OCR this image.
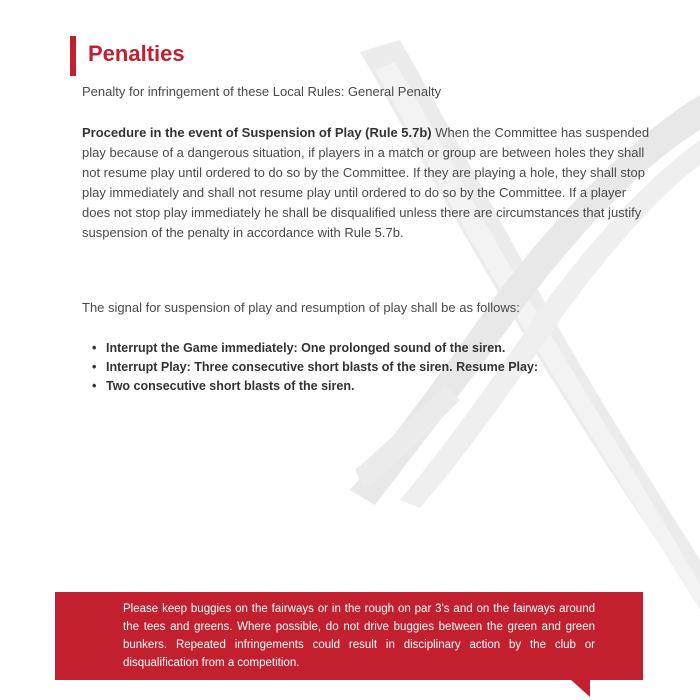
Penalties

Penalty for infringement of these Local Rules: General Penalty

Procedure in the event of Suspension of Play (Rule 5.7b) When the Committee has suspended play because of a dangerous situation, if players in a match or group are between holes they shall not resume play until ordered to do so by the Committee. If they are playing a hole, they shall stop play immediately and shall not resume play until ordered to do so by the Committee. If a player does not stop play immediately he shall be disqualified unless there are circumstances that justify suspension of the penalty in accordance with Rule 5.7b.

The signal for suspension of play and resumption of play shall be as follows:

• Interrupt the Game immediately: One prolonged sound of the siren.
• Interrupt Play: Three consecutive short blasts of the siren. Resume Play:
• Two consecutive short blasts of the siren.

Please keep buggies on the fairways or in the rough on par 3's and on the fairways around the tees and greens. Where possible, do not drive buggies between the green and green bunkers. Repeated infringements could result in disciplinary action by the club or disqualification from a competition.
